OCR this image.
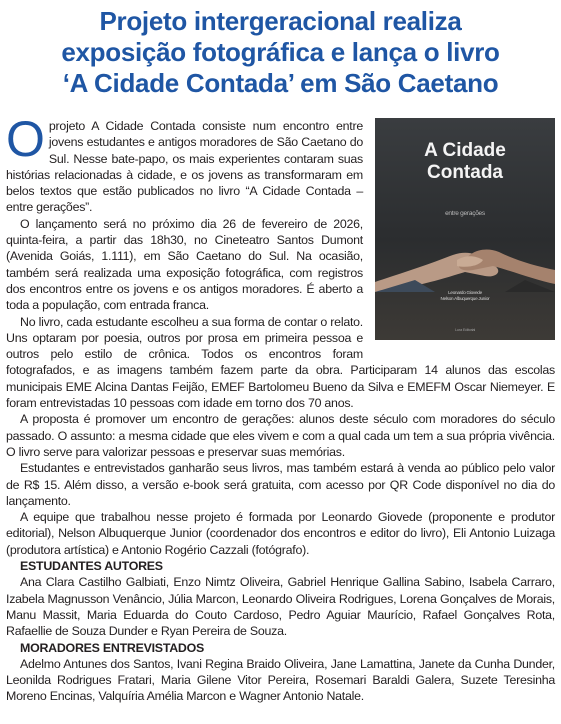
Projeto intergeracional realiza
exposição fotográfica e lança o livro
‘A Cidade Contada’ em São Caetano
A Cidade
Contada
entre gerações
Leonardo Giovede
Nelson Albuquerque Junior
Lura Editorial

Oprojeto A Cidade Contada consiste num encontro entre jovens estudantes e antigos moradores de São Caetano do Sul. Nesse bate-papo, os mais experientes contaram suas histórias relacionadas à cidade, e os jovens as transformaram em belos textos que estão publicados no livro “A Cidade Contada – entre gerações”.

O lançamento será no próximo dia 26 de fevereiro de 2026, quinta-feira, a partir das 18h30, no Cineteatro Santos Dumont (Avenida Goiás, 1.111), em São Caetano do Sul. Na ocasião, também será realizada uma exposição fotográfica, com registros dos encontros entre os jovens e os antigos moradores. É aberto a toda a população, com entrada franca.

No livro, cada estudante escolheu a sua forma de contar o relato. Uns optaram por poesia, outros por prosa em primeira pessoa e outros pelo estilo de crônica. Todos os encontros foram fotografados, e as imagens também fazem parte da obra. Participaram 14 alunos das escolas municipais EME Alcina Dantas Feijão, EMEF Bartolomeu Bueno da Silva e EMEFM Oscar Niemeyer. E foram entrevistadas 10 pessoas com idade em torno dos 70 anos.

A proposta é promover um encontro de gerações: alunos deste século com moradores do século passado. O assunto: a mesma cidade que eles vivem e com a qual cada um tem a sua própria vivência. O livro serve para valorizar pessoas e preservar suas memórias.

Estudantes e entrevistados ganharão seus livros, mas também estará à venda ao público pelo valor de R$ 15. Além disso, a versão e-book será gratuita, com acesso por QR Code disponível no dia do lançamento.

A equipe que trabalhou nesse projeto é formada por Leonardo Giovede (proponente e produtor editorial), Nelson Albuquerque Junior (coordenador dos encontros e editor do livro), Eli Antonio Luizaga (produtora artística) e Antonio Rogério Cazzali (fotógrafo).

ESTUDANTES AUTORES

Ana Clara Castilho Galbiati, Enzo Nimtz Oliveira, Gabriel Henrique Gallina Sabino, Isabela Carraro, Izabela Magnusson Venâncio, Júlia Marcon, Leonardo Oliveira Rodrigues, Lorena Gonçalves de Morais, Manu Massit, Maria Eduarda do Couto Cardoso, Pedro Aguiar Maurício, Rafael Gonçalves Rota, Rafaellie de Souza Dunder e Ryan Pereira de Souza.

MORADORES ENTREVISTADOS

Adelmo Antunes dos Santos, Ivani Regina Braido Oliveira, Jane Lamattina, Janete da Cunha Dunder, Leonilda Rodrigues Fratari, Maria Gilene Vitor Pereira, Rosemari Baraldi Galera, Suzete Teresinha Moreno Encinas, Valquíria Amélia Marcon e Wagner Antonio Natale.
